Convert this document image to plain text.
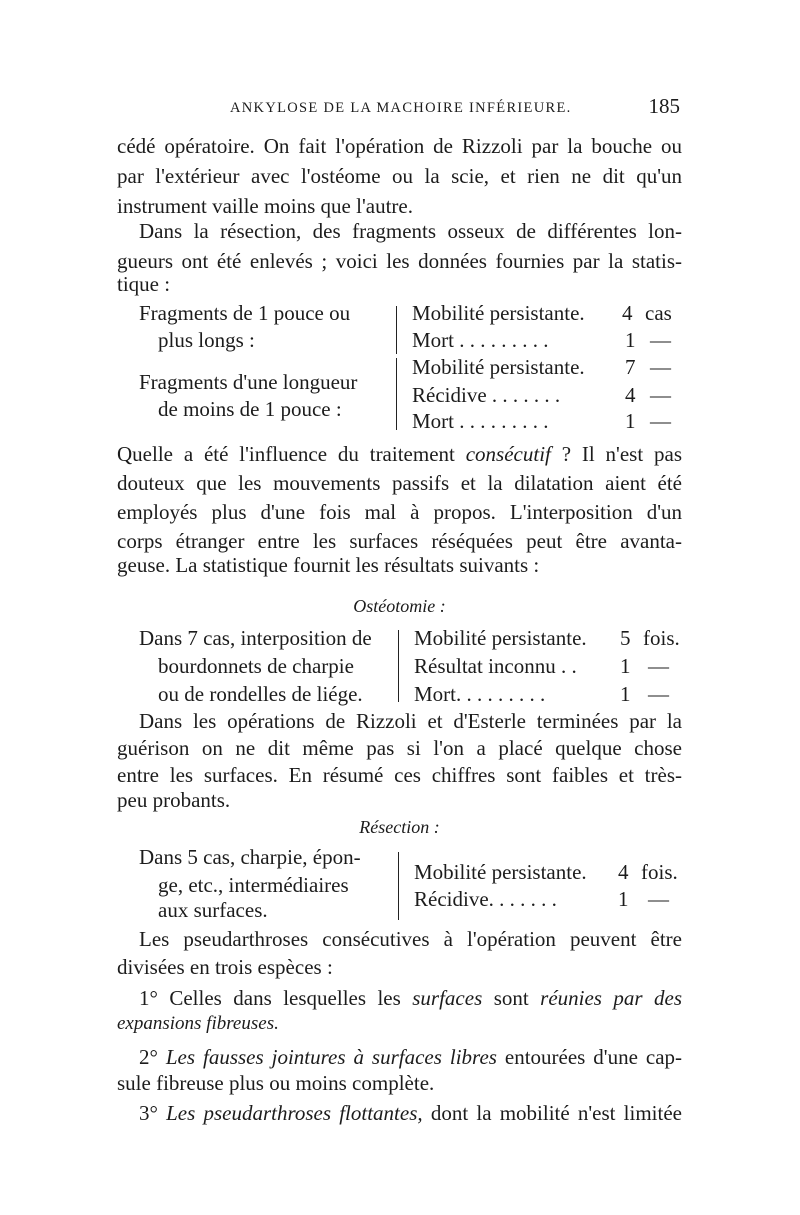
ANKYLOSE DE LA MACHOIRE INFÉRIEURE.	185
cédé opératoire. On fait l'opération de Rizzoli par la bouche ou
par l'extérieur avec l'ostéome ou la scie, et rien ne dit qu'un
instrument vaille moins que l'autre.
Dans la résection, des fragments osseux de différentes lon-
gueurs ont été enlevés ; voici les données fournies par la statis-
tique :
Fragments de 1 pouce ou
plus longs :
Mobilité persistante. 4 cas
Mort . . . . . . . . .	1 —
Fragments d'une longueur
de moins de 1 pouce :
Mobilité persistante. 7 —
Récidive . . . . . . .	4 —
Mort . . . . . . . . .	1 —
Quelle a été l'influence du traitement consécutif ? Il n'est pas
douteux que les mouvements passifs et la dilatation aient été
employés plus d'une fois mal à propos. L'interposition d'un
corps étranger entre les surfaces réséquées peut être avanta-
geuse. La statistique fournit les résultats suivants :
Ostéotomie :
Dans 7 cas, interposition de
bourdonnets de charpie
ou de rondelles de liége.
Mobilité persistante. 5 fois.
Résultat inconnu . . 1 —
Mort. . . . . . . . .	1 —
Dans les opérations de Rizzoli et d'Esterle terminées par la
guérison on ne dit même pas si l'on a placé quelque chose
entre les surfaces. En résumé ces chiffres sont faibles et très-
peu probants.
Résection :
Dans 5 cas, charpie, épon-
ge, etc., intermédiaires
aux surfaces.
Mobilité persistante. 4 fois.
Récidive. . . . . . .	1 —
Les pseudarthroses consécutives à l'opération peuvent être
divisées en trois espèces :
1° Celles dans lesquelles les surfaces sont réunies par des
expansions fibreuses.
2° Les fausses jointures à surfaces libres entourées d'une cap-
sule fibreuse plus ou moins complète.
3° Les pseudarthroses flottantes, dont la mobilité n'est limitée
